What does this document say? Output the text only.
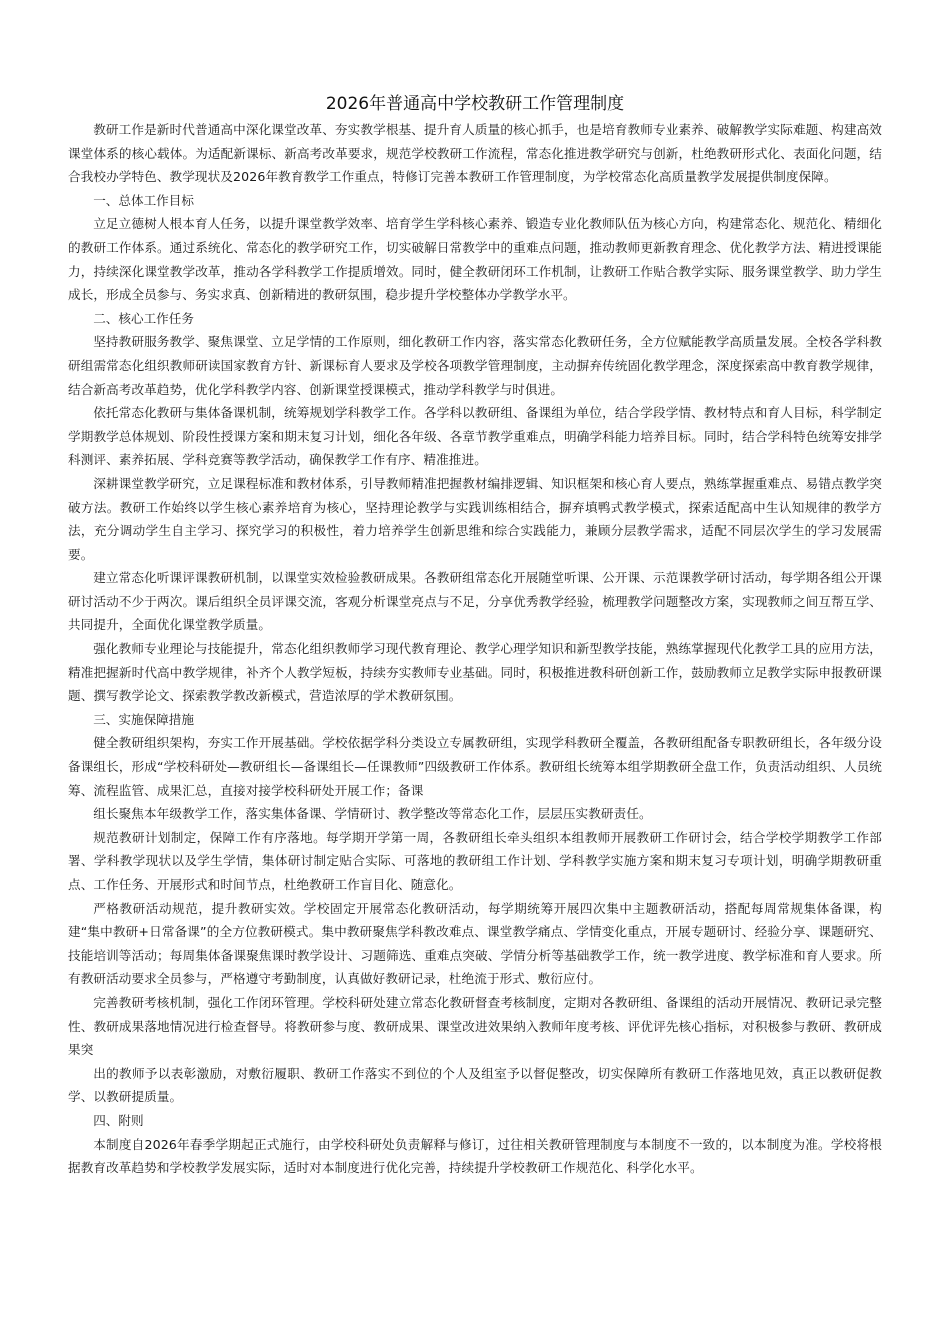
2026年普通高中学校教研工作管理制度

教研工作是新时代普通高中深化课堂改革、夯实教学根基、提升育人质量的核心抓手，也是培育教师专业素养、破解教学实际难题、构建高效课堂体系的核心载体。为适配新课标、新高考改革要求，规范学校教研工作流程，常态化推进教学研究与创新，杜绝教研形式化、表面化问题，结合我校办学特色、教学现状及2026年教育教学工作重点，特修订完善本教研工作管理制度，为学校常态化高质量教学发展提供制度保障。

一、总体工作目标

立足立德树人根本育人任务，以提升课堂教学效率、培育学生学科核心素养、锻造专业化教师队伍为核心方向，构建常态化、规范化、精细化的教研工作体系。通过系统化、常态化的教学研究工作，切实破解日常教学中的重难点问题，推动教师更新教育理念、优化教学方法、精进授课能力，持续深化课堂教学改革，推动各学科教学工作提质增效。同时，健全教研闭环工作机制，让教研工作贴合教学实际、服务课堂教学、助力学生成长，形成全员参与、务实求真、创新精进的教研氛围，稳步提升学校整体办学教学水平。

二、核心工作任务

坚持教研服务教学、聚焦课堂、立足学情的工作原则，细化教研工作内容，落实常态化教研任务，全方位赋能教学高质量发展。全校各学科教研组需常态化组织教师研读国家教育方针、新课标育人要求及学校各项教学管理制度，主动摒弃传统固化教学理念，深度探索高中教育教学规律，结合新高考改革趋势，优化学科教学内容、创新课堂授课模式，推动学科教学与时俱进。

依托常态化教研与集体备课机制，统筹规划学科教学工作。各学科以教研组、备课组为单位，结合学段学情、教材特点和育人目标，科学制定学期教学总体规划、阶段性授课方案和期末复习计划，细化各年级、各章节教学重难点，明确学科能力培养目标。同时，结合学科特色统筹安排学科测评、素养拓展、学科竞赛等教学活动，确保教学工作有序、精准推进。

深耕课堂教学研究，立足课程标准和教材体系，引导教师精准把握教材编排逻辑、知识框架和核心育人要点，熟练掌握重难点、易错点教学突破方法。教研工作始终以学生核心素养培育为核心，坚持理论教学与实践训练相结合，摒弃填鸭式教学模式，探索适配高中生认知规律的教学方法，充分调动学生自主学习、探究学习的积极性，着力培养学生创新思维和综合实践能力，兼顾分层教学需求，适配不同层次学生的学习发展需要。

建立常态化听课评课教研机制，以课堂实效检验教研成果。各教研组常态化开展随堂听课、公开课、示范课教学研讨活动，每学期各组公开课研讨活动不少于两次。课后组织全员评课交流，客观分析课堂亮点与不足，分享优秀教学经验，梳理教学问题整改方案，实现教师之间互帮互学、共同提升，全面优化课堂教学质量。

强化教师专业理论与技能提升，常态化组织教师学习现代教育理论、教学心理学知识和新型教学技能，熟练掌握现代化教学工具的应用方法，精准把握新时代高中教学规律，补齐个人教学短板，持续夯实教师专业基础。同时，积极推进教科研创新工作，鼓励教师立足教学实际申报教研课题、撰写教学论文、探索教学教改新模式，营造浓厚的学术教研氛围。

三、实施保障措施

健全教研组织架构，夯实工作开展基础。学校依据学科分类设立专属教研组，实现学科教研全覆盖，各教研组配备专职教研组长，各年级分设备课组长，形成“学校科研处—教研组长—备课组长—任课教师”四级教研工作体系。教研组长统筹本组学期教研全盘工作，负责活动组织、人员统筹、流程监管、成果汇总，直接对接学校科研处开展工作；备课

组长聚焦本年级教学工作，落实集体备课、学情研讨、教学整改等常态化工作，层层压实教研责任。

规范教研计划制定，保障工作有序落地。每学期开学第一周，各教研组长牵头组织本组教师开展教研工作研讨会，结合学校学期教学工作部署、学科教学现状以及学生学情，集体研讨制定贴合实际、可落地的教研组工作计划、学科教学实施方案和期末复习专项计划，明确学期教研重点、工作任务、开展形式和时间节点，杜绝教研工作盲目化、随意化。

严格教研活动规范，提升教研实效。学校固定开展常态化教研活动，每学期统筹开展四次集中主题教研活动，搭配每周常规集体备课，构建“集中教研+日常备课”的全方位教研模式。集中教研聚焦学科教改难点、课堂教学痛点、学情变化重点，开展专题研讨、经验分享、课题研究、技能培训等活动；每周集体备课聚焦课时教学设计、习题筛选、重难点突破、学情分析等基础教学工作，统一教学进度、教学标准和育人要求。所有教研活动要求全员参与，严格遵守考勤制度，认真做好教研记录，杜绝流于形式、敷衍应付。

完善教研考核机制，强化工作闭环管理。学校科研处建立常态化教研督查考核制度，定期对各教研组、备课组的活动开展情况、教研记录完整性、教研成果落地情况进行检查督导。将教研参与度、教研成果、课堂改进效果纳入教师年度考核、评优评先核心指标，对积极参与教研、教研成果突

出的教师予以表彰激励，对敷衍履职、教研工作落实不到位的个人及组室予以督促整改，切实保障所有教研工作落地见效，真正以教研促教学、以教研提质量。

四、附则

本制度自2026年春季学期起正式施行，由学校科研处负责解释与修订，过往相关教研管理制度与本制度不一致的，以本制度为准。学校将根据教育改革趋势和学校教学发展实际，适时对本制度进行优化完善，持续提升学校教研工作规范化、科学化水平。
